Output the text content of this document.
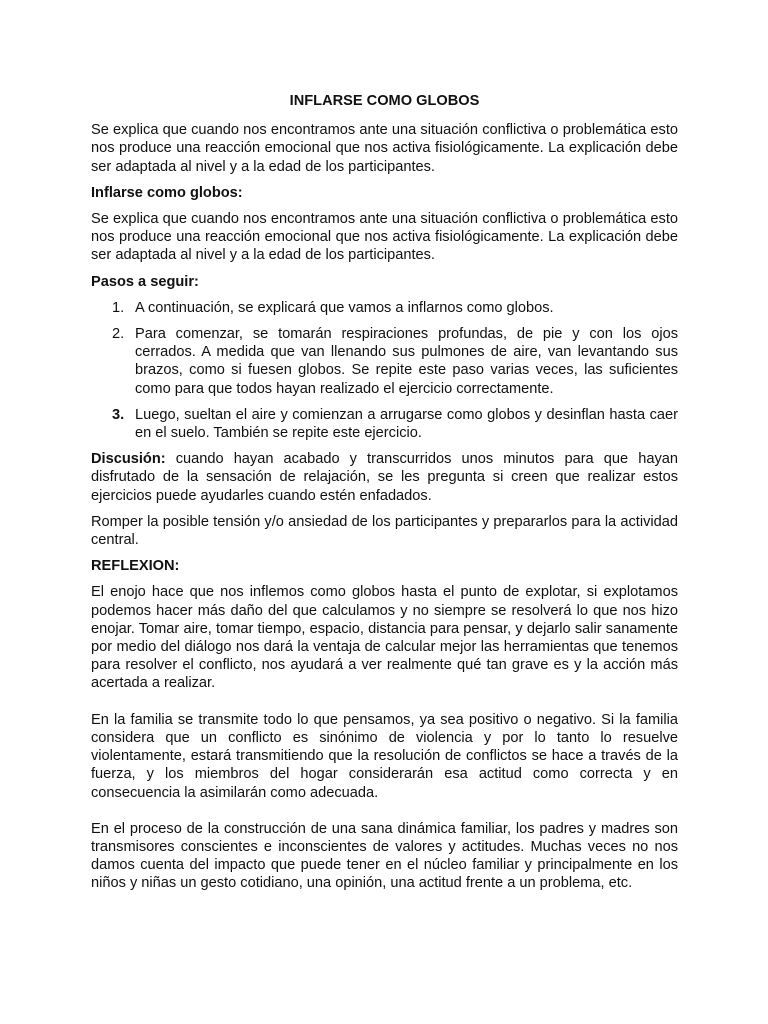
INFLARSE COMO GLOBOS

Se explica que cuando nos encontramos ante una situación conflictiva o problemática esto nos produce una reacción emocional que nos activa fisiológicamente. La explicación debe ser adaptada al nivel y a la edad de los participantes.

Inflarse como globos:

Se explica que cuando nos encontramos ante una situación conflictiva o problemática esto nos produce una reacción emocional que nos activa fisiológicamente. La explicación debe ser adaptada al nivel y a la edad de los participantes.

Pasos a seguir:
1. A continuación, se explicará que vamos a inflarnos como globos.
2. Para comenzar, se tomarán respiraciones profundas, de pie y con los ojos cerrados. A medida que van llenando sus pulmones de aire, van levantando sus brazos, como si fuesen globos. Se repite este paso varias veces, las suficientes como para que todos hayan realizado el ejercicio correctamente.
3. Luego, sueltan el aire y comienzan a arrugarse como globos y desinflan hasta caer en el suelo. También se repite este ejercicio.

Discusión: cuando hayan acabado y transcurridos unos minutos para que hayan disfrutado de la sensación de relajación, se les pregunta si creen que realizar estos ejercicios puede ayudarles cuando estén enfadados.

Romper la posible tensión y/o ansiedad de los participantes y prepararlos para la actividad central.

REFLEXION:

El enojo hace que nos inflemos como globos hasta el punto de explotar, si explotamos podemos hacer más daño del que calculamos y no siempre se resolverá lo que nos hizo enojar. Tomar aire, tomar tiempo, espacio, distancia para pensar, y dejarlo salir sanamente por medio del diálogo nos dará la ventaja de calcular mejor las herramientas que tenemos para resolver el conflicto, nos ayudará a ver realmente qué tan grave es y la acción más acertada a realizar.

En la familia se transmite todo lo que pensamos, ya sea positivo o negativo. Si la familia considera que un conflicto es sinónimo de violencia y por lo tanto lo resuelve violentamente, estará transmitiendo que la resolución de conflictos se hace a través de la fuerza, y los miembros del hogar considerarán esa actitud como correcta y en consecuencia la asimilarán como adecuada.

En el proceso de la construcción de una sana dinámica familiar, los padres y madres son transmisores conscientes e inconscientes de valores y actitudes. Muchas veces no nos damos cuenta del impacto que puede tener en el núcleo familiar y principalmente en los niños y niñas un gesto cotidiano, una opinión, una actitud frente a un problema, etc.
